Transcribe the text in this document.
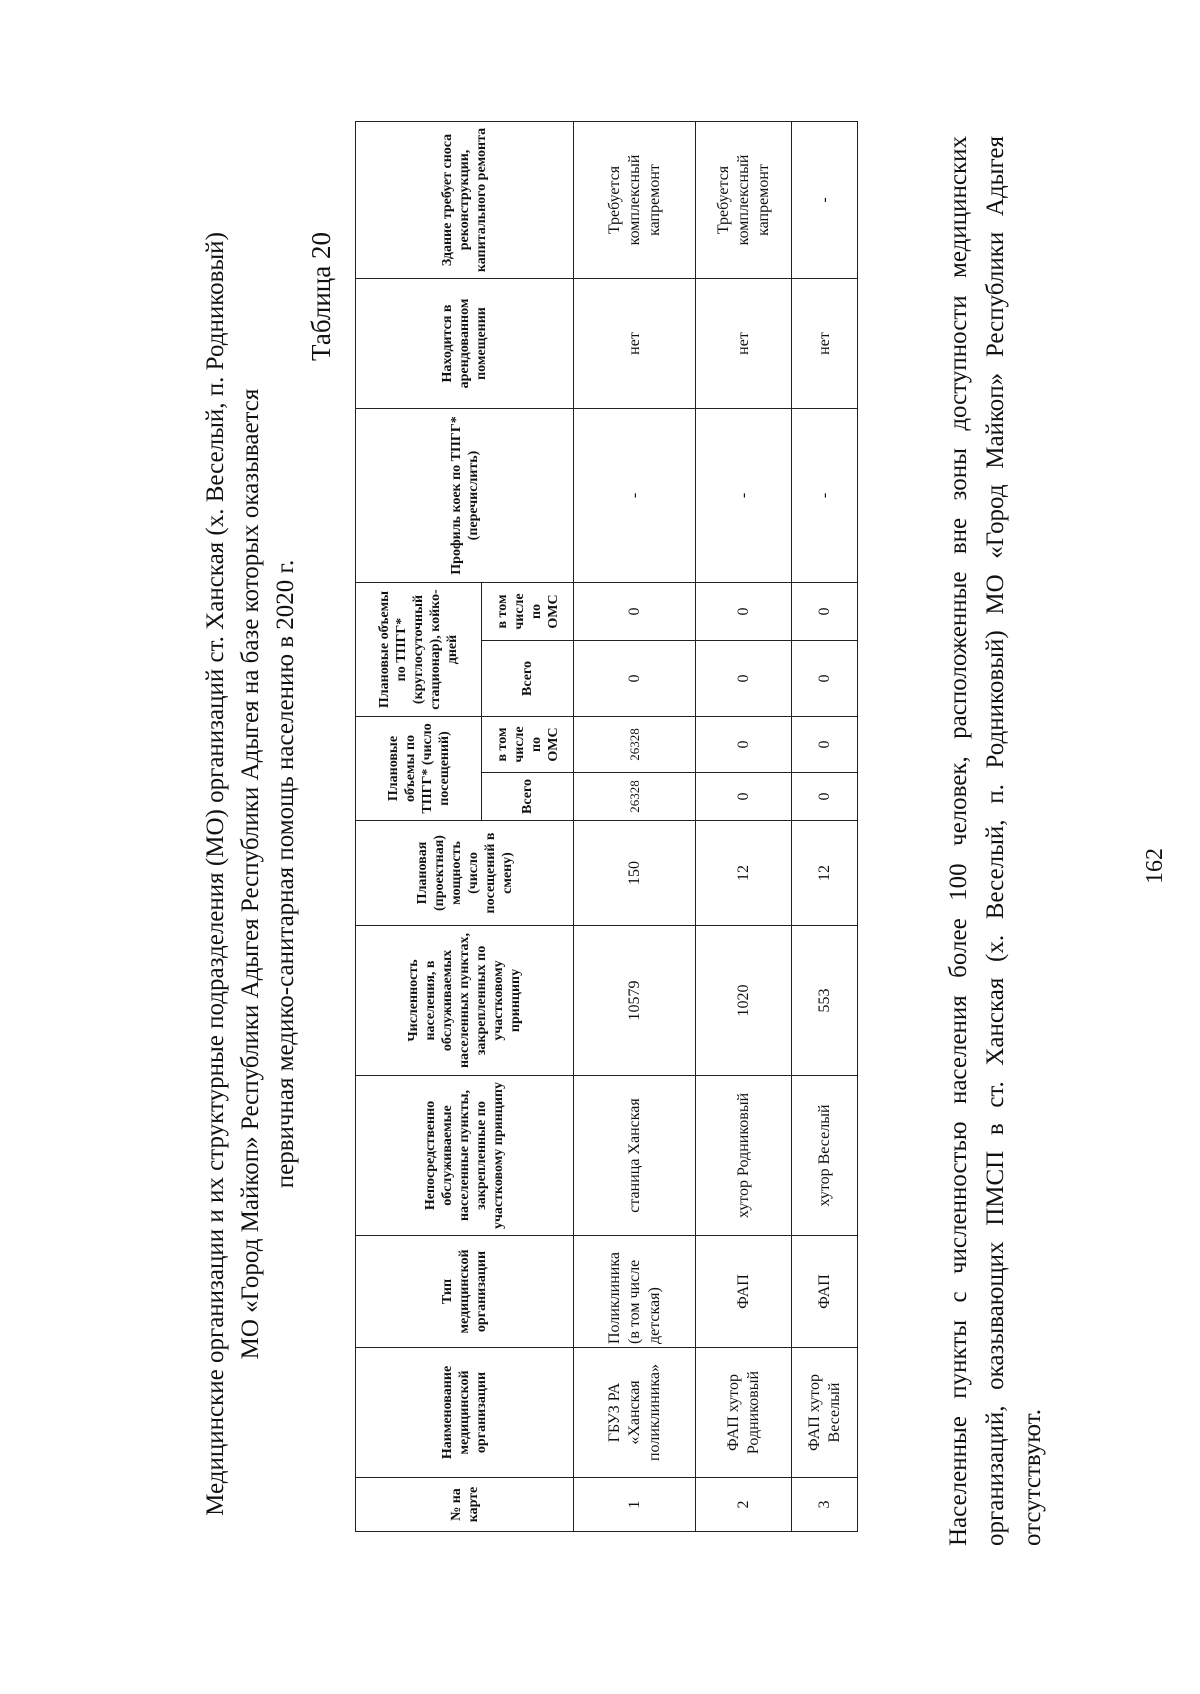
Медицинские организации и их структурные подразделения (МО) организаций ст. Ханская (х. Веселый, п. Родниковый) МО «Город Майкоп» Республики Адыгея Республики Адыгея на базе которых оказывается первичная медико-санитарная помощь населению в 2020 г.
Таблица 20
№ на карте	Наименование медицинской организации	Тип медицинской организации	Непосредственно обслуживаемые населенные пункты, закрепленные по участковому принципу	Численность населения, в обслуживаемых населенных пунктах, закрепленных по участковому принципу	Плановая (проектная) мощность (число посещений в смену)	Плановые объемы по ТПГГ* (число посещений)		Плановые объемы по ТПГГ* (круглосуточный стационар), койко-дней		Профиль коек по ТПГГ* (перечислить)	Находится в арендованном помещении	Здание требует сноса реконструкции, капитального ремонта
						Всего	в том числе по ОМС	Всего	в том числе по ОМС			
1	ГБУЗ РА «Ханская поликлиника»	Поликлиника (в том числе детская)	станица Ханская	10579	150	26328	26328	0	0	-	нет	Требуется комплексный капремонт
2	ФАП хутор Родниковый	ФАП	хутор Родниковый	1020	12	0	0	0	0	-	нет	Требуется комплексный капремонт
3	ФАП хутор Веселый	ФАП	хутор Веселый	553	12	0	0	0	0	-	нет	-	Населенные пункты с численностью населения более 100 человек, расположенные вне зоны доступности медицинских организаций, оказывающих ПМСП в ст. Ханская (х. Веселый, п. Родниковый) МО «Город Майкоп» Республики Адыгея отсутствуют.
162
